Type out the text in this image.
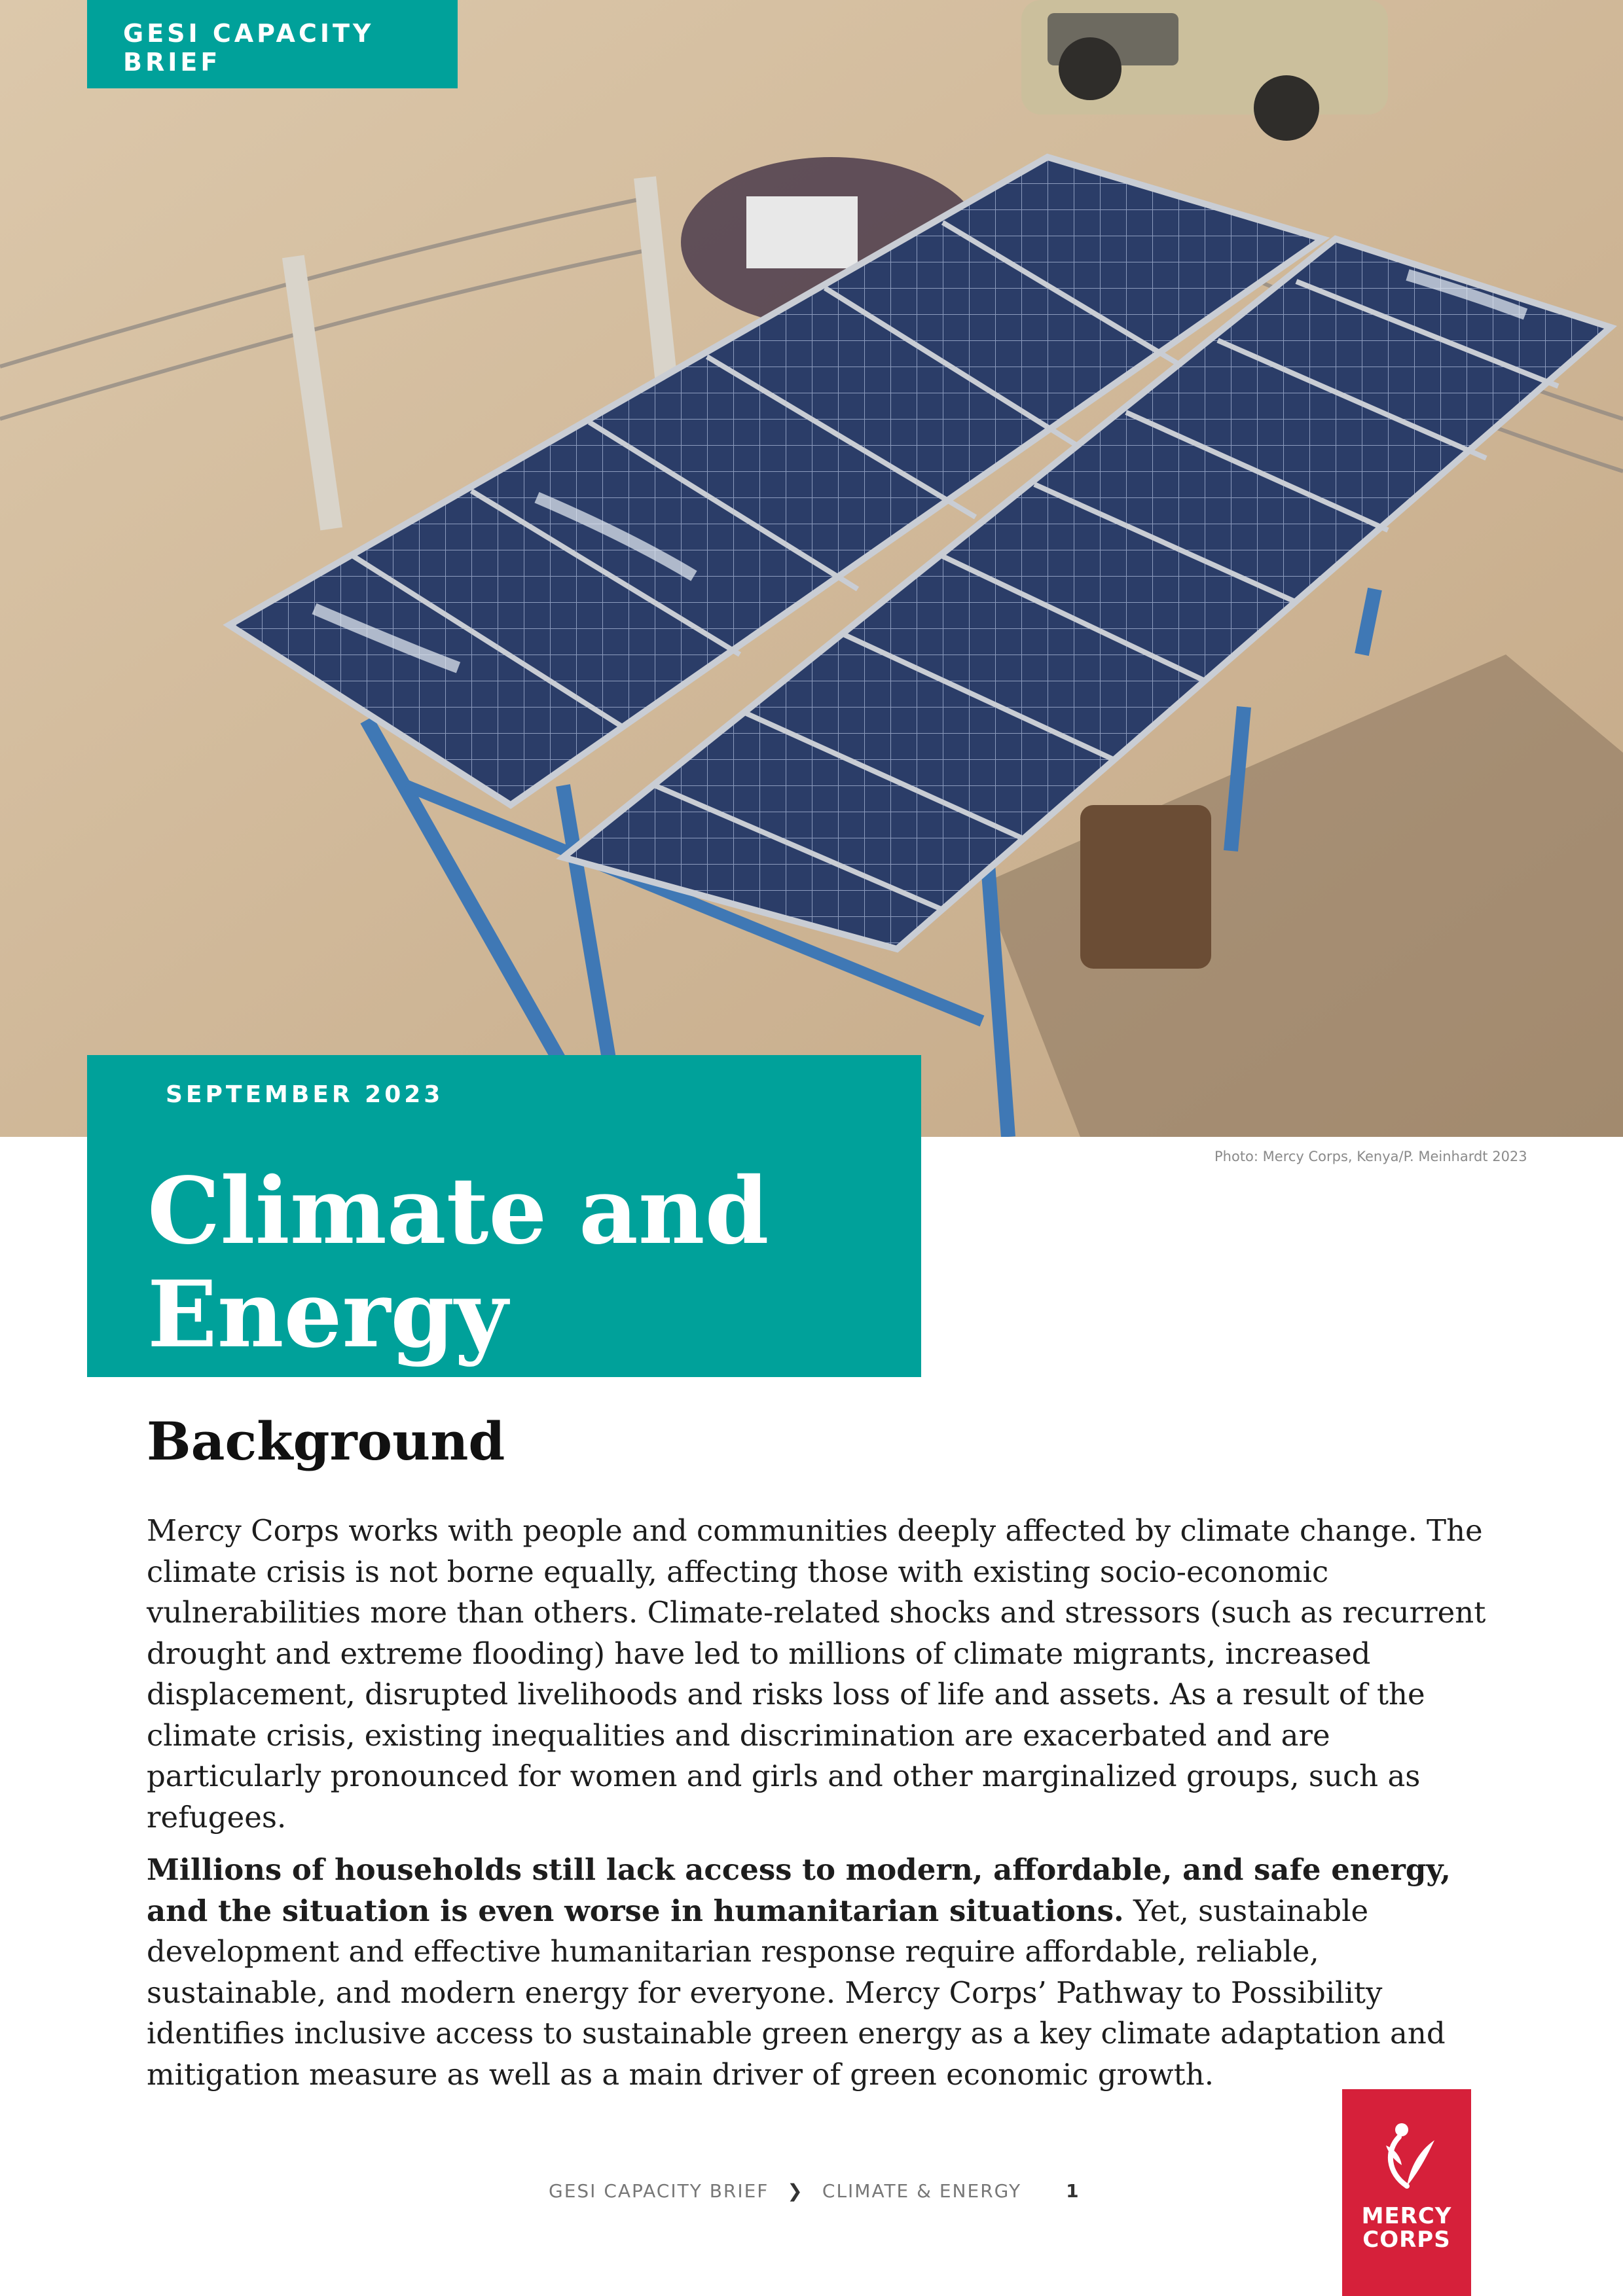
GESI CAPACITY BRIEF
SEPTEMBER 2023
Climate and
Energy
Photo: Mercy Corps, Kenya/P. Meinhardt 2023
Background

Mercy Corps works with people and communities deeply affected by climate change. The climate crisis is not borne equally, affecting those with existing socio-economic vulnerabilities more than others. Climate-related shocks and stressors (such as recurrent drought and extreme flooding) have led to millions of climate migrants, increased displacement, disrupted livelihoods and risks loss of life and assets. As a result of the climate crisis, existing inequalities and discrimination are exacerbated and are particularly pronounced for women and girls and other marginalized groups, such as refugees.

Millions of households still lack access to modern, affordable, and safe energy, and the situation is even worse in humanitarian situations. Yet, sustainable development and effective humanitarian response require affordable, reliable, sustainable, and modern energy for everyone. Mercy Corps’ Pathway to Possibility identifies inclusive access to sustainable green energy as a key climate adaptation and mitigation measure as well as a main driver of green economic growth.

GESI CAPACITY BRIEF ❯ CLIMATE & ENERGY 1
MERCY
CORPS
